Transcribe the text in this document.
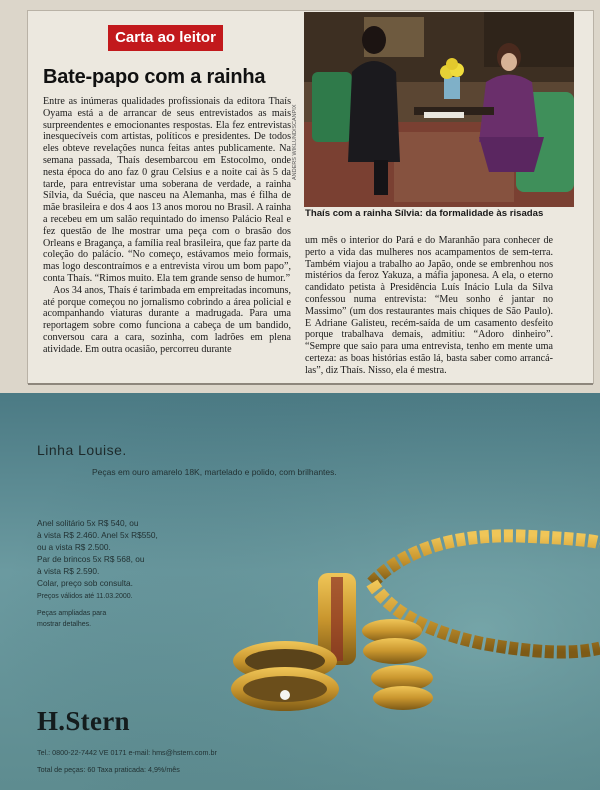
Carta ao leitor
Bate-papo com a rainha

Entre as inúmeras qualidades profissionais da editora Thaís Oyama está a de arrancar de seus entrevistados as mais surpreendentes e emocionantes respostas. Ela fez entrevistas inesquecíveis com artistas, políticos e presidentes. De todos eles obteve revelações nunca feitas antes publicamente. Na semana passada, Thaís desembarcou em Estocolmo, onde nesta época do ano faz 0 grau Celsius e a noite cai às 5 da tarde, para entrevistar uma soberana de verdade, a rainha Sílvia, da Suécia, que nasceu na Alemanha, mas é filha de mãe brasileira e dos 4 aos 13 anos morou no Brasil. A rainha a recebeu em um salão requintado do imenso Palácio Real e fez questão de lhe mostrar uma peça com o brasão dos Orleans e Bragança, a família real brasileira, que faz parte da coleção do palácio. “No começo, estávamos meio formais, mas logo descontraímos e a entrevista virou um bom papo”, conta Thaís. “Rimos muito. Ela tem grande senso de humor.”

Aos 34 anos, Thaís é tarimbada em empreitadas incomuns, até porque começou no jornalismo cobrindo a área policial e acompanhando viaturas durante a madrugada. Para uma reportagem sobre como funciona a cabeça de um bandido, conversou cara a cara, sozinha, com ladrões em plena atividade. Em outra ocasião, percorreu durante

ANDERS WIKLUND/SCANPIX
Thaís com a rainha Sílvia: da formalidade às risadas

um mês o interior do Pará e do Maranhão para conhecer de perto a vida das mulheres nos acampamentos de sem-terra. Também viajou a trabalho ao Japão, onde se embrenhou nos mistérios da feroz Yakuza, a máfia japonesa. A ela, o eterno candidato petista à Presidência Luís Inácio Lula da Silva confessou numa entrevista: “Meu sonho é jantar no Massimo” (um dos restaurantes mais chiques de São Paulo). E Adriane Galisteu, recém-saída de um casamento desfeito porque trabalhava demais, admitiu: “Adoro dinheiro”. “Sempre que saio para uma entrevista, tenho em mente uma certeza: as boas histórias estão lá, basta saber como arrancá-las”, diz Thaís. Nisso, ela é mestra.

Linha Louise.
Peças em ouro amarelo 18K, martelado e polido, com brilhantes.
Anel solitário 5x R$ 540, ou
à vista R$ 2.460. Anel 5x R$550,
ou a vista R$ 2.500.
Par de brincos 5x R$ 568, ou
à vista R$ 2.590.
Colar, preço sob consulta.
Preços válidos até 11.03.2000.
Peças ampliadas para
mostrar detalhes.
H.Stern
Tel.: 0800-22-7442 VE 0171 e-mail: hms@hstern.com.br
Total de peças: 60 Taxa praticada: 4,9%/mês
